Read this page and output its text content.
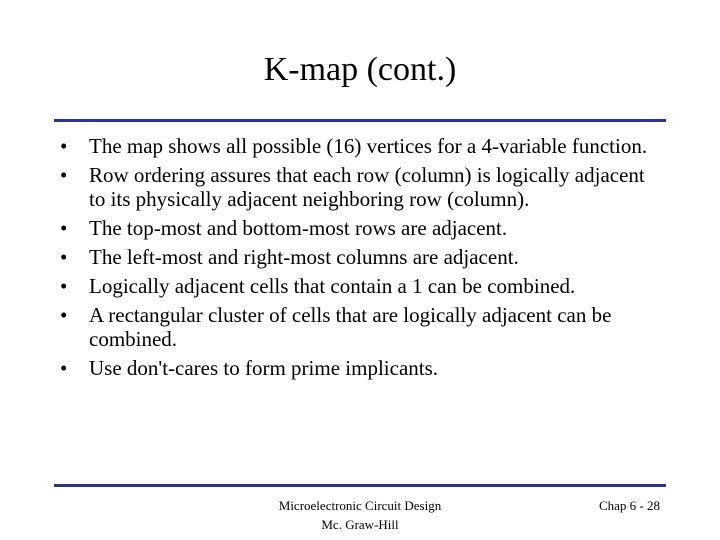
K-map (cont.)
• The map shows all possible (16) vertices for a 4-variable function.
• Row ordering assures that each row (column) is logically adjacent to its physically adjacent neighboring row (column).
• The top-most and bottom-most rows are adjacent.
• The left-most and right-most columns are adjacent.
• Logically adjacent cells that contain a 1 can be combined.
• A rectangular cluster of cells that are logically adjacent can be combined.
• Use don't-cares to form prime implicants.
Microelectronic Circuit Design
Mc. Graw-Hill
Chap 6 - 28
